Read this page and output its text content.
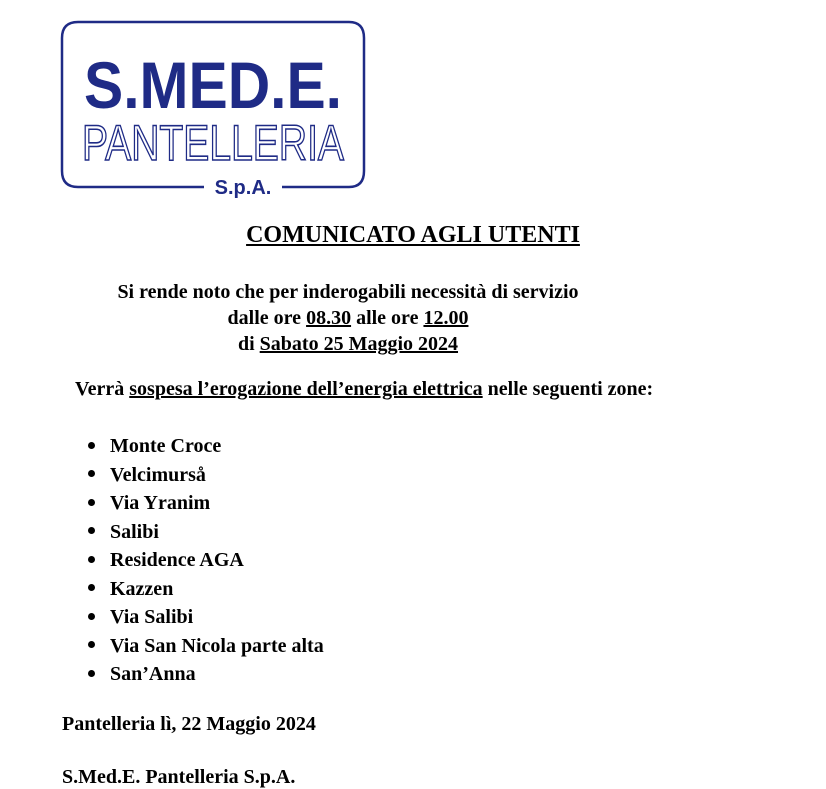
S.MED.E.
PANTELLERIA
S.p.A.
COMUNICATO AGLI UTENTI
Si rende noto che per inderogabili necessità di servizio
dalle ore 08.30 alle ore 12.00
di Sabato 25 Maggio 2024
Verrà sospesa l’erogazione dell’energia elettrica nelle seguenti zone:
Monte Croce
Velcimurså
Via Yranim
Salibi
Residence AGA
Kazzen
Via Salibi
Via San Nicola parte alta
San’Anna
Pantelleria lì, 22 Maggio 2024
S.Med.E. Pantelleria S.p.A.
